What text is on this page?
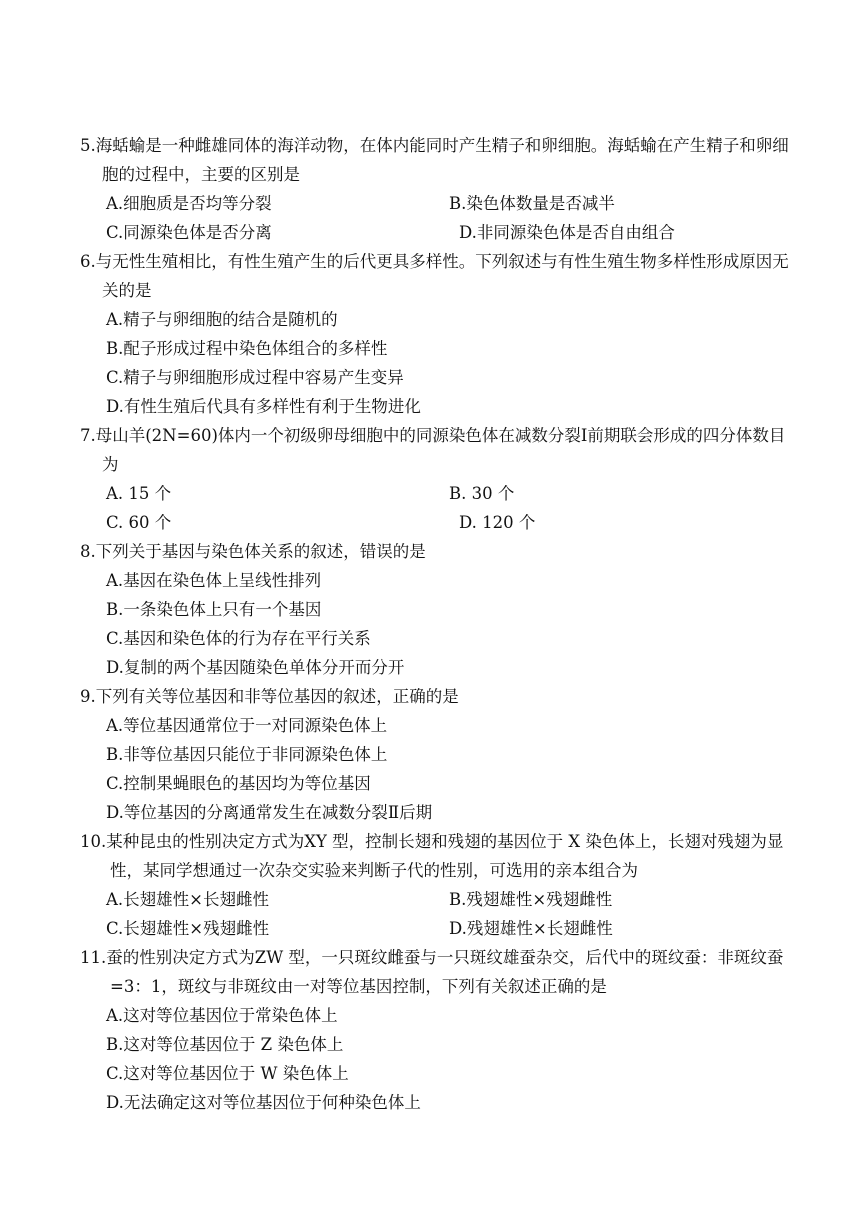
5.海蛞蝓是一种雌雄同体的海洋动物，在体内能同时产生精子和卵细胞。海蛞蝓在产生精子和卵细胞的过程中，主要的区别是

A.细胞质是否均等分裂	B.染色体数量是否减半
C.同源染色体是否分离	D.非同源染色体是否自由组合

6.与无性生殖相比，有性生殖产生的后代更具多样性。下列叙述与有性生殖生物多样性形成原因无关的是

A.精子与卵细胞的结合是随机的
B.配子形成过程中染色体组合的多样性
C.精子与卵细胞形成过程中容易产生变异
D.有性生殖后代具有多样性有利于生物进化

7.母山羊(2N=60)体内一个初级卵母细胞中的同源染色体在减数分裂Ⅰ前期联会形成的四分体数目为

A. 15 个	B. 30 个
C. 60 个	D. 120 个

8.下列关于基因与染色体关系的叙述，错误的是

A.基因在染色体上呈线性排列
B.一条染色体上只有一个基因
C.基因和染色体的行为存在平行关系
D.复制的两个基因随染色单体分开而分开

9.下列有关等位基因和非等位基因的叙述，正确的是

A.等位基因通常位于一对同源染色体上
B.非等位基因只能位于非同源染色体上
C.控制果蝇眼色的基因均为等位基因
D.等位基因的分离通常发生在减数分裂Ⅱ后期

10.某种昆虫的性别决定方式为XY 型，控制长翅和残翅的基因位于 X 染色体上，长翅对残翅为显性，某同学想通过一次杂交实验来判断子代的性别，可选用的亲本组合为

A.长翅雄性×长翅雌性	B.残翅雄性×残翅雌性
C.长翅雄性×残翅雌性	D.残翅雄性×长翅雌性

11.蚕的性别决定方式为ZW 型，一只斑纹雌蚕与一只斑纹雄蚕杂交，后代中的斑纹蚕：非斑纹蚕 =3：1，斑纹与非斑纹由一对等位基因控制，下列有关叙述正确的是

A.这对等位基因位于常染色体上
B.这对等位基因位于 Z 染色体上
C.这对等位基因位于 W 染色体上
D.无法确定这对等位基因位于何种染色体上
